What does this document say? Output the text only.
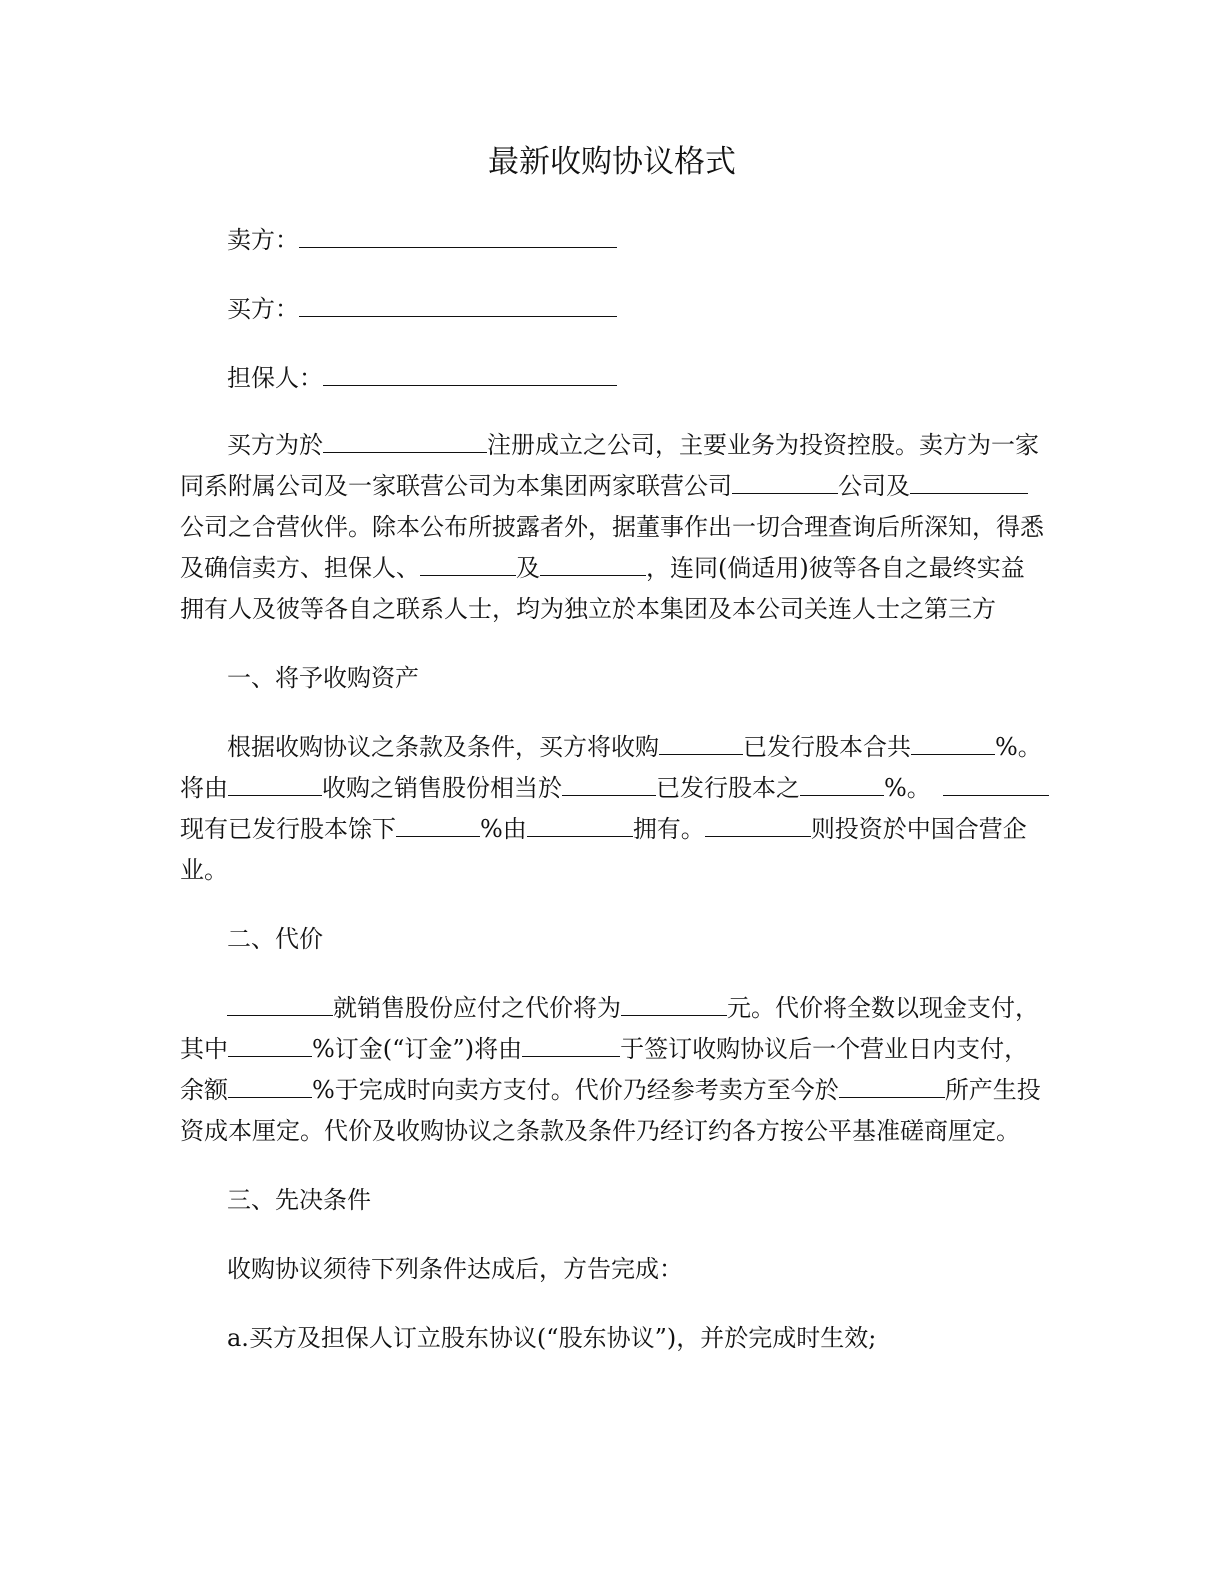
最新收购协议格式
卖方：
买方：
担保人：
买方为於	注册成立之公司，主要业务为投资控股。卖方为一家
同系附属公司及一家联营公司为本集团两家联营公司	公司及
公司之合营伙伴。除本公布所披露者外，据董事作出一切合理查询后所深知，得悉
及确信卖方、担保人、	及	，连同(倘适用)彼等各自之最终实益
拥有人及彼等各自之联系人士，均为独立於本集团及本公司关连人士之第三方
一、将予收购资产
根据收购协议之条款及条件，买方将收购	已发行股本合共	%。
将由	收购之销售股份相当於	已发行股本之	%。
现有已发行股本馀下	%由	拥有。	则投资於中国合营企
业。
二、代价
就销售股份应付之代价将为	元。代价将全数以现金支付，
其中	%订金(“订金”)将由	于签订收购协议后一个营业日内支付，
余额	%于完成时向卖方支付。代价乃经参考卖方至今於	所产生投
资成本厘定。代价及收购协议之条款及条件乃经订约各方按公平基准磋商厘定。
三、先决条件
收购协议须待下列条件达成后，方告完成：
a.买方及担保人订立股东协议(“股东协议”)，并於完成时生效;
